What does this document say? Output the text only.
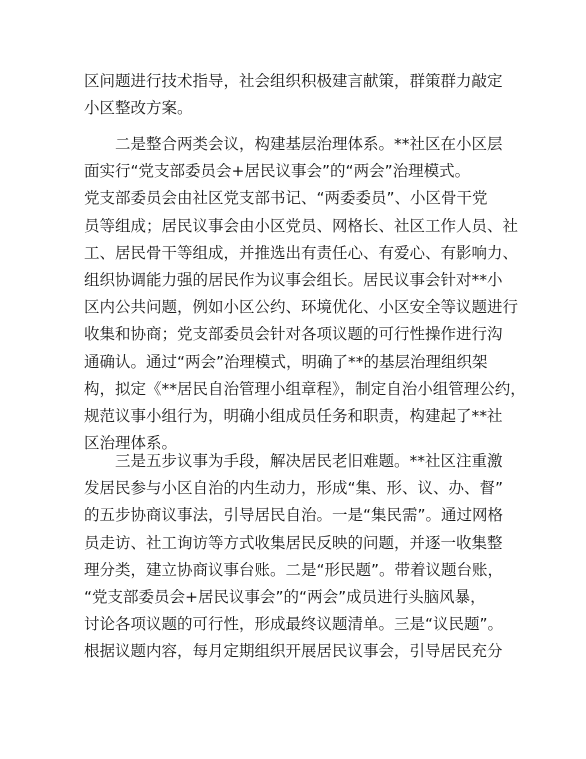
区问题进行技术指导，社会组织积极建言献策，群策群力敲定
小区整改方案。
二是整合两类会议，构建基层治理体系。**社区在小区层
面实行“党支部委员会+居民议事会”的“两会”治理模式。
党支部委员会由社区党支部书记、“两委委员”、小区骨干党
员等组成；居民议事会由小区党员、网格长、社区工作人员、社
工、居民骨干等组成，并推选出有责任心、有爱心、有影响力、
组织协调能力强的居民作为议事会组长。居民议事会针对**小
区内公共问题，例如小区公约、环境优化、小区安全等议题进行
收集和协商；党支部委员会针对各项议题的可行性操作进行沟
通确认。通过“两会”治理模式，明确了**的基层治理组织架
构，拟定《**居民自治管理小组章程》，制定自治小组管理公约，
规范议事小组行为，明确小组成员任务和职责，构建起了**社
区治理体系。
三是五步议事为手段，解决居民老旧难题。**社区注重激
发居民参与小区自治的内生动力，形成“集、形、议、办、督”
的五步协商议事法，引导居民自治。一是“集民需”。通过网格
员走访、社工询访等方式收集居民反映的问题，并逐一收集整
理分类，建立协商议事台账。二是“形民题”。带着议题台账，
“党支部委员会+居民议事会”的“两会”成员进行头脑风暴，
讨论各项议题的可行性，形成最终议题清单。三是“议民题”。
根据议题内容，每月定期组织开展居民议事会，引导居民充分
